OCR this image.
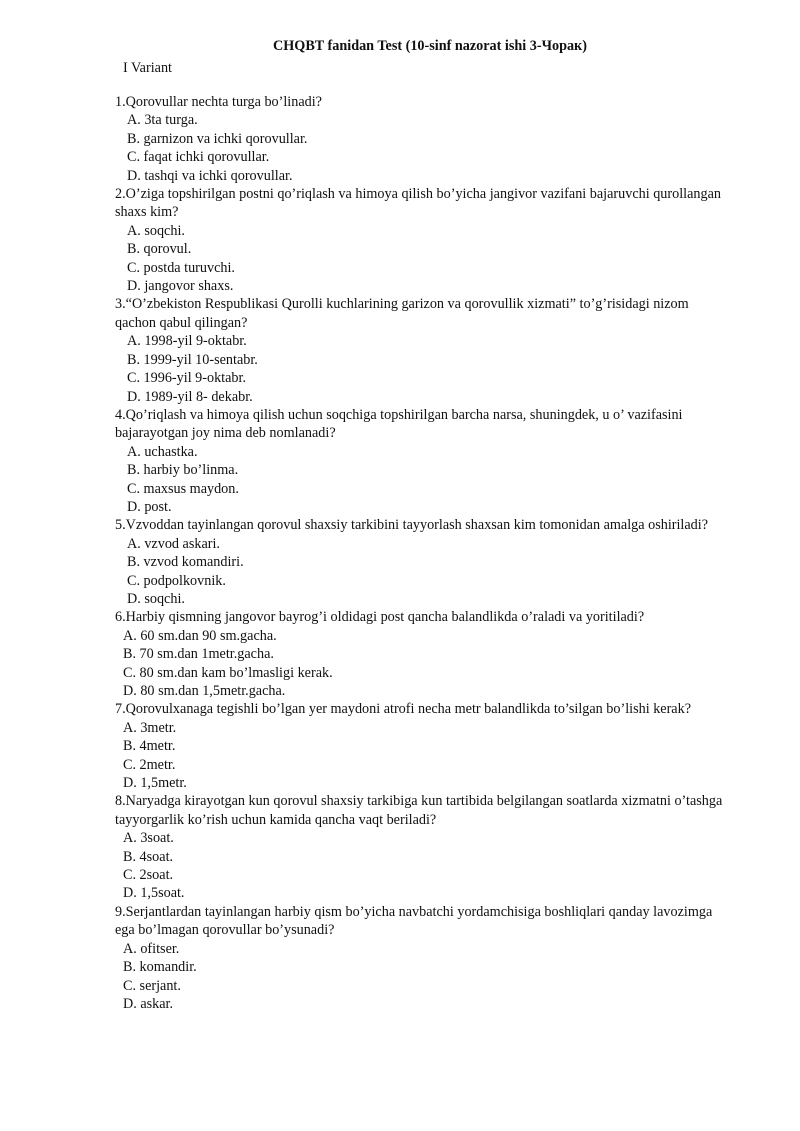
CHQBT fanidan Test (10-sinf nazorat ishi 3-Чорак)
I Variant
1.Qorovullar nechta turga bo’linadi?
A. 3ta turga.
B. garnizon va ichki qorovullar.
C. faqat ichki qorovullar.
D. tashqi va ichki qorovullar.
2.O’ziga topshirilgan postni qo’riqlash va himoya qilish bo’yicha jangivor vazifani bajaruvchi qurollangan shaxs kim?
A. soqchi.
B. qorovul.
C. postda turuvchi.
D. jangovor shaxs.
3.“O’zbekiston Respublikasi Qurolli kuchlarining garizon va qorovullik xizmati” to’g’risidagi nizom qachon qabul qilingan?
A. 1998-yil 9-oktabr.
B. 1999-yil 10-sentabr.
C. 1996-yil 9-oktabr.
D. 1989-yil 8- dekabr.
4.Qo’riqlash va himoya qilish uchun soqchiga topshirilgan barcha narsa, shuningdek, u o’ vazifasini bajarayotgan joy nima deb nomlanadi?
A. uchastka.
B. harbiy bo’linma.
C. maxsus maydon.
D. post.
5.Vzvoddan tayinlangan qorovul shaxsiy tarkibini tayyorlash shaxsan kim tomonidan amalga oshiriladi?
A. vzvod askari.
B. vzvod komandiri.
C. podpolkovnik.
D. soqchi.
6.Harbiy qismning jangovor bayrog’i oldidagi post qancha balandlikda o’raladi va yoritiladi?
A. 60 sm.dan 90 sm.gacha.
B. 70 sm.dan 1metr.gacha.
C. 80 sm.dan kam bo’lmasligi kerak.
D. 80 sm.dan 1,5metr.gacha.
7.Qorovulxanaga tegishli bo’lgan yer maydoni atrofi necha metr balandlikda to’silgan bo’lishi kerak?
A. 3metr.
B. 4metr.
C. 2metr.
D. 1,5metr.
8.Naryadga kirayotgan kun qorovul shaxsiy tarkibiga kun tartibida belgilangan soatlarda xizmatni o’tashga tayyorgarlik ko’rish uchun kamida qancha vaqt beriladi?
A. 3soat.
B. 4soat.
C. 2soat.
D. 1,5soat.
9.Serjantlardan tayinlangan harbiy qism bo’yicha navbatchi yordamchisiga boshliqlari qanday lavozimga ega bo’lmagan qorovullar bo’ysunadi?
A. ofitser.
B. komandir.
C. serjant.
D. askar.
